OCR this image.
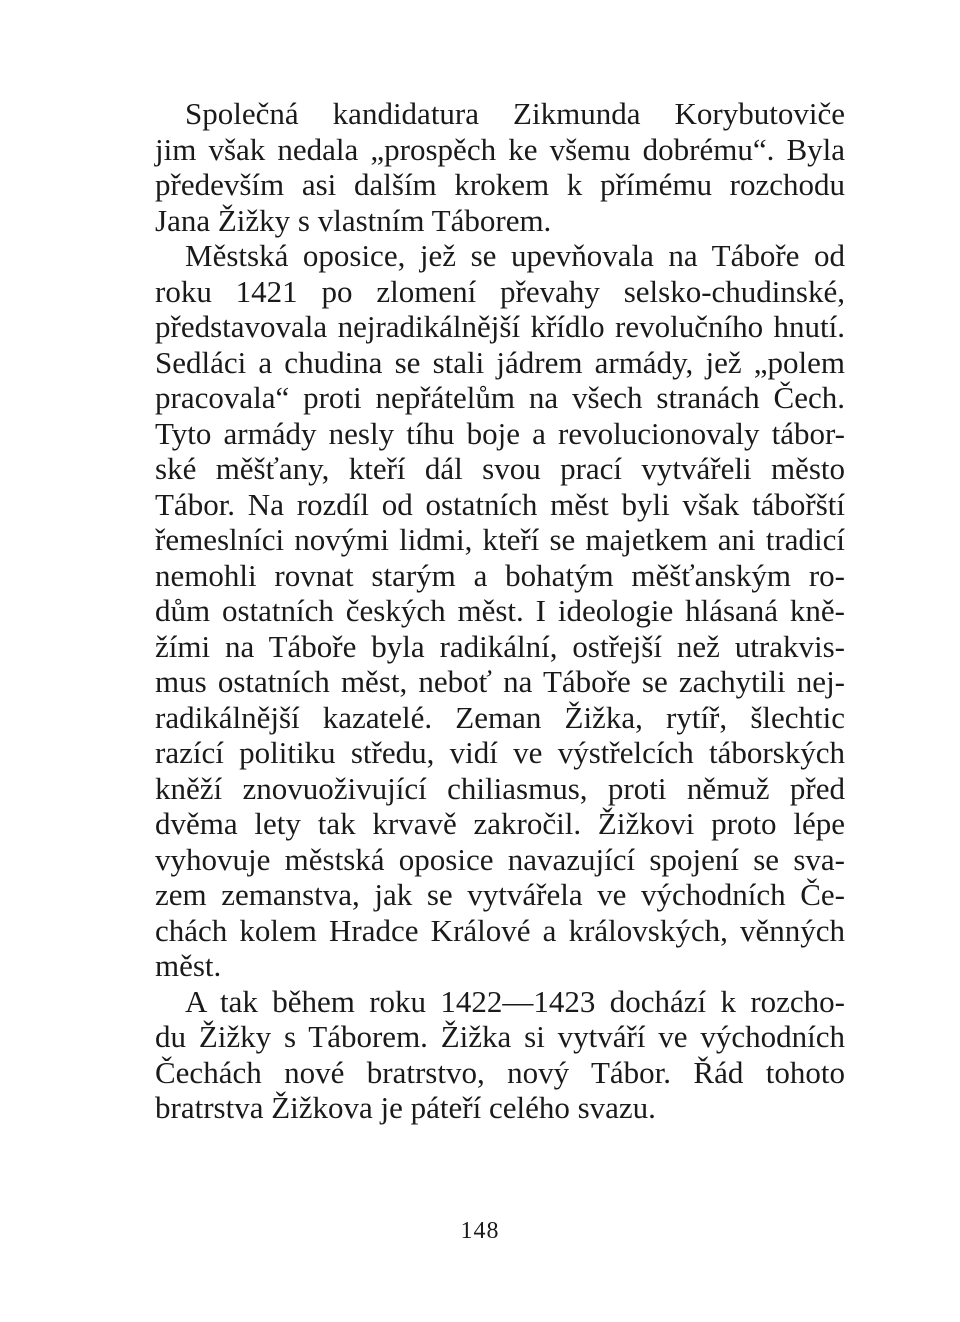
Společná kandidatura Zikmunda Korybutoviče
jim však nedala „prospěch ke všemu dobrému“. Byla
především asi dalším krokem k přímému rozchodu
Jana Žižky s vlastním Táborem.
Městská oposice, jež se upevňovala na Táboře od
roku 1421 po zlomení převahy selsko-chudinské,
představovala nejradikálnější křídlo revolučního hnutí.
Sedláci a chudina se stali jádrem armády, jež „polem
pracovala“ proti nepřátelům na všech stranách Čech.
Tyto armády nesly tíhu boje a revolucionovaly tábor-
ské měšťany, kteří dál svou prací vytvářeli město
Tábor. Na rozdíl od ostatních měst byli však tábořští
řemeslníci novými lidmi, kteří se majetkem ani tradicí
nemohli rovnat starým a bohatým měšťanským ro-
dům ostatních českých měst. I ideologie hlásaná kně-
žími na Táboře byla radikální, ostřejší než utrakvis-
mus ostatních měst, neboť na Táboře se zachytili nej-
radikálnější kazatelé. Zeman Žižka, rytíř, šlechtic
razící politiku středu, vidí ve výstřelcích táborských
kněží znovuoživující chiliasmus, proti němuž před
dvěma lety tak krvavě zakročil. Žižkovi proto lépe
vyhovuje městská oposice navazující spojení se sva-
zem zemanstva, jak se vytvářela ve východních Če-
chách kolem Hradce Králové a královských, věnných
měst.
A tak během roku 1422—1423 dochází k rozcho-
du Žižky s Táborem. Žižka si vytváří ve východních
Čechách nové bratrstvo, nový Tábor. Řád tohoto
bratrstva Žižkova je páteří celého svazu.
148
